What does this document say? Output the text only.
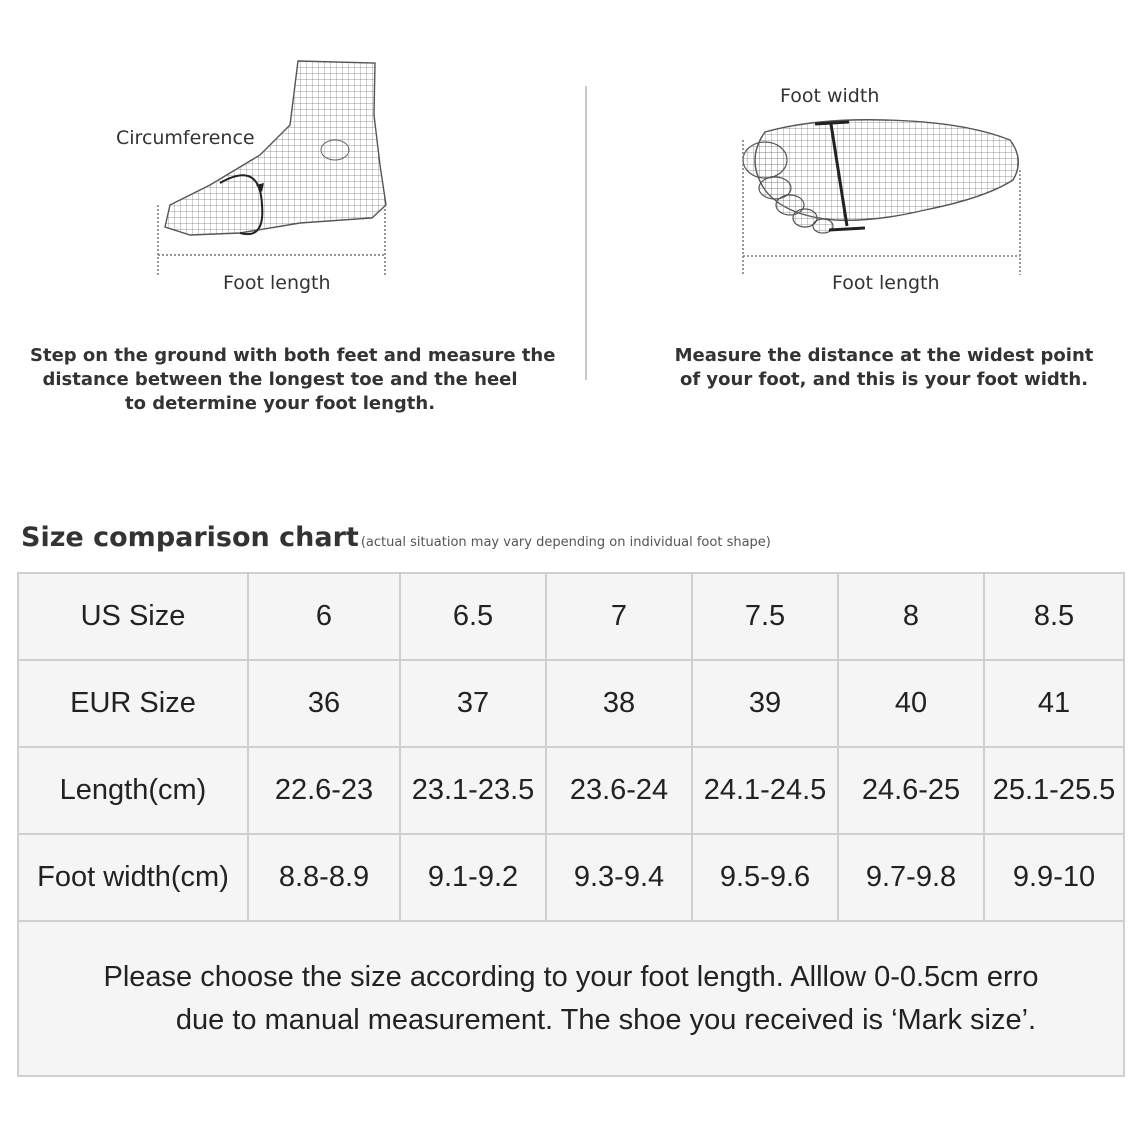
Circumference
Foot length
Step on the ground with both feet and measure the
distance between the longest toe and the heel
to determine your foot length.
Foot width
Foot length
Measure the distance at the widest point
of your foot, and this is your foot width.
Size comparison chart (actual situation may vary depending on individual foot shape)
US Size	6	6.5	7	7.5	8	8.5
EUR Size	36	37	38	39	40	41
Length(cm)	22.6-23	23.1-23.5	23.6-24	24.1-24.5	24.6-25	25.1-25.5
Foot width(cm)	8.8-8.9	9.1-9.2	9.3-9.4	9.5-9.6	9.7-9.8	9.9-10

Please choose the size according to your foot length. Alllow 0-0.5cm erro
due to manual measurement. The shoe you received is ‘Mark size’.						
